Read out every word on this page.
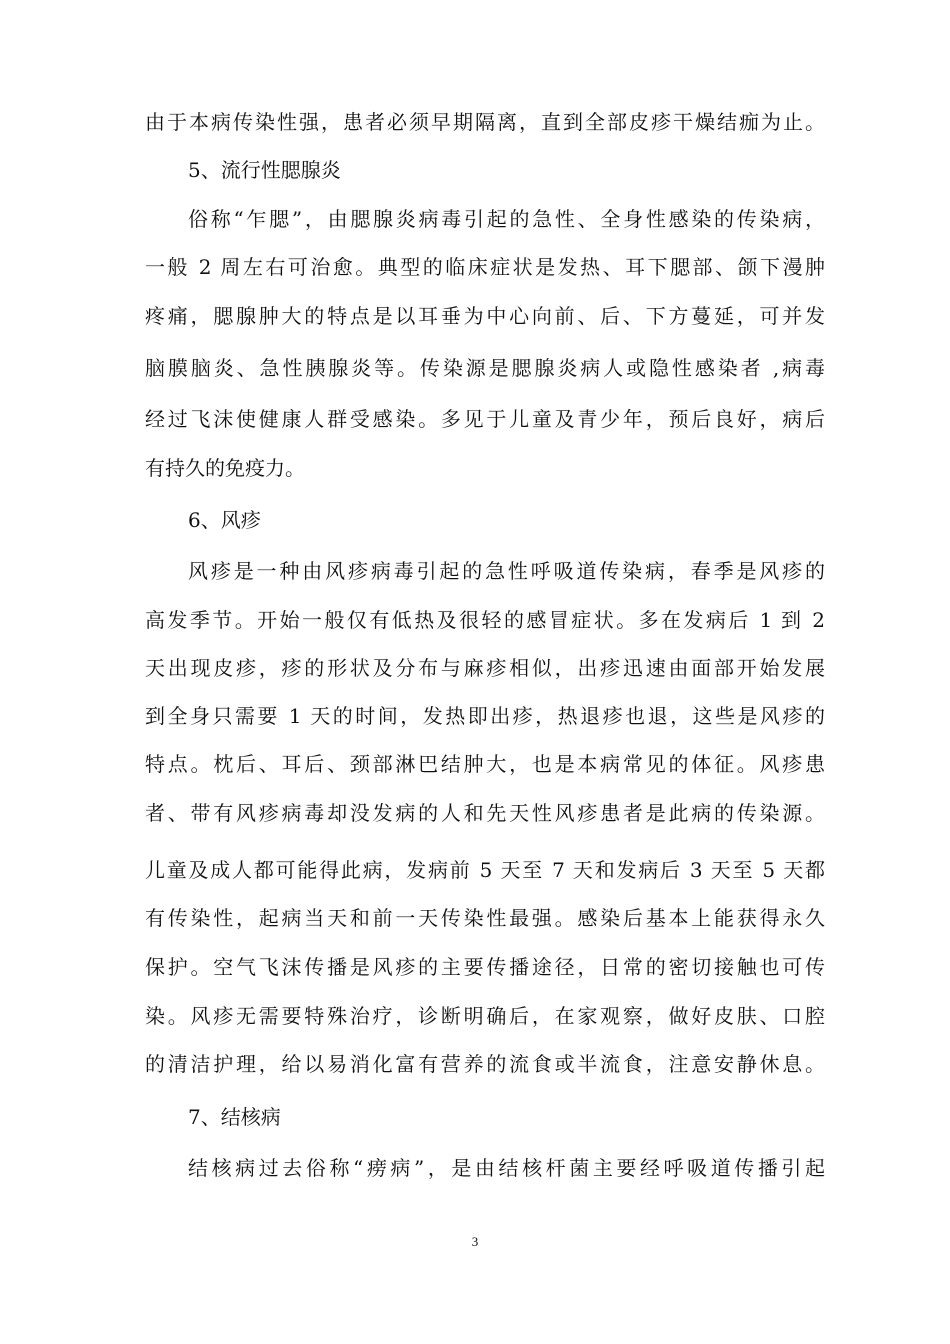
由于本病传染性强，患者必须早期隔离，直到全部皮疹干燥结痂为止。
5、流行性腮腺炎
俗称“乍腮”，由腮腺炎病毒引起的急性、全身性感染的传染病，
一般 2 周左右可治愈。典型的临床症状是发热、耳下腮部、颌下漫肿
疼痛，腮腺肿大的特点是以耳垂为中心向前、后、下方蔓延，可并发
脑膜脑炎、急性胰腺炎等。传染源是腮腺炎病人或隐性感染者 ,病毒
经过飞沫使健康人群受感染。多见于儿童及青少年，预后良好，病后
有持久的免疫力。
6、风疹
风疹是一种由风疹病毒引起的急性呼吸道传染病，春季是风疹的
高发季节。开始一般仅有低热及很轻的感冒症状。多在发病后 1 到 2
天出现皮疹，疹的形状及分布与麻疹相似，出疹迅速由面部开始发展
到全身只需要 1 天的时间，发热即出疹，热退疹也退，这些是风疹的
特点。枕后、耳后、颈部淋巴结肿大，也是本病常见的体征。风疹患
者、带有风疹病毒却没发病的人和先天性风疹患者是此病的传染源。
儿童及成人都可能得此病，发病前 5 天至 7 天和发病后 3 天至 5 天都
有传染性，起病当天和前一天传染性最强。感染后基本上能获得永久
保护。空气飞沫传播是风疹的主要传播途径，日常的密切接触也可传
染。风疹无需要特殊治疗，诊断明确后，在家观察，做好皮肤、口腔
的清洁护理，给以易消化富有营养的流食或半流食，注意安静休息。
7、结核病
结核病过去俗称“痨病”，是由结核杆菌主要经呼吸道传播引起
3
